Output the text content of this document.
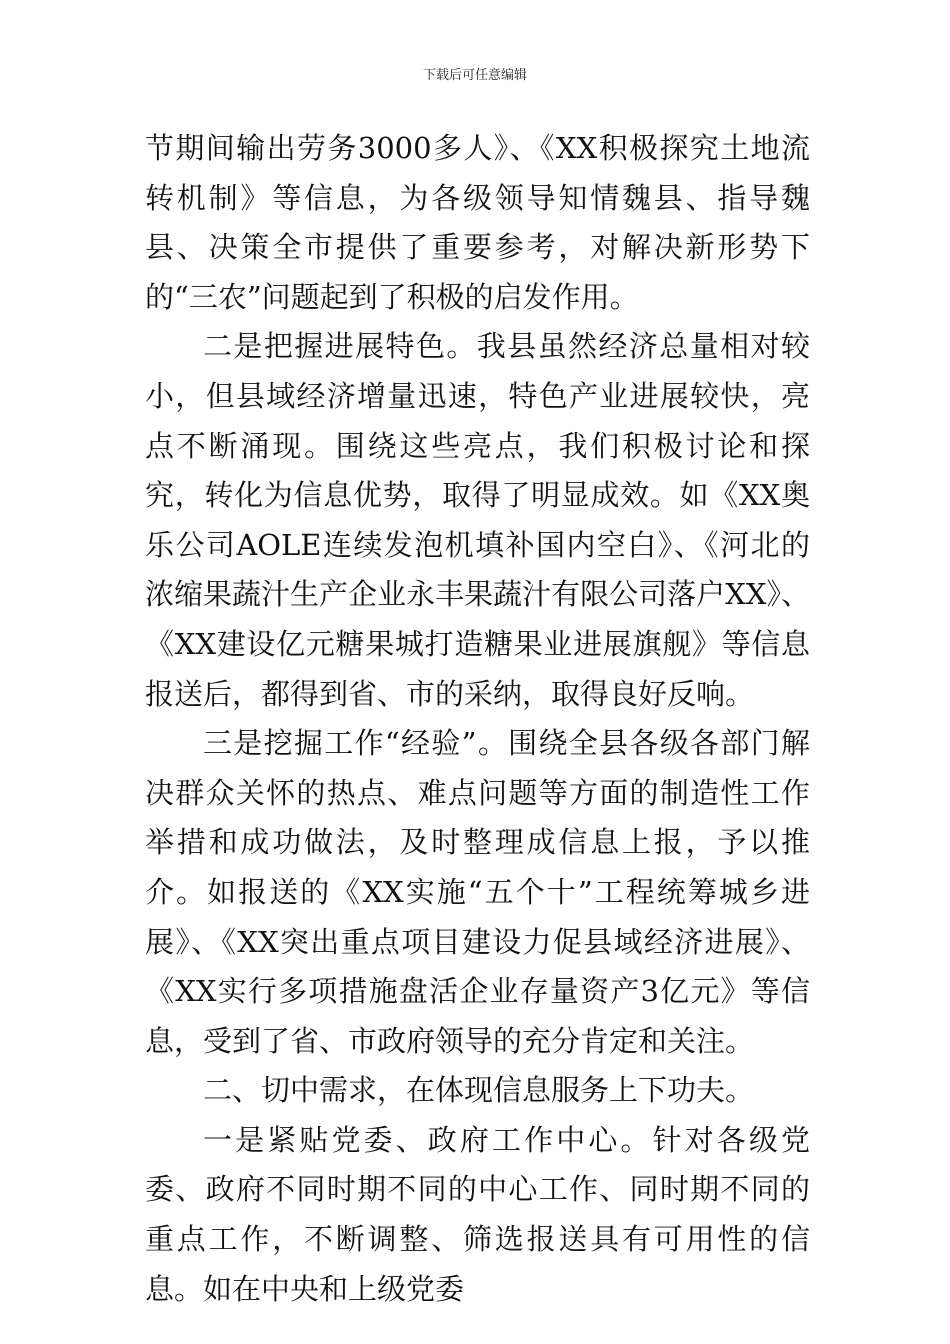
下载后可任意编辑

节期间输出劳务3000多人》、《XX积极探究土地流转机制》等信息，为各级领导知情魏县、指导魏县、决策全市提供了重要参考，对解决新形势下的“三农”问题起到了积极的启发作用。

二是把握进展特色。我县虽然经济总量相对较小，但县域经济增量迅速，特色产业进展较快，亮点不断涌现。围绕这些亮点，我们积极讨论和探究，转化为信息优势，取得了明显成效。如《XX奥乐公司AOLE连续发泡机填补国内空白》、《河北的浓缩果蔬汁生产企业永丰果蔬汁有限公司落户XX》、《XX建设亿元糖果城打造糖果业进展旗舰》等信息报送后，都得到省、市的采纳，取得良好反响。

三是挖掘工作“经验”。围绕全县各级各部门解决群众关怀的热点、难点问题等方面的制造性工作举措和成功做法，及时整理成信息上报，予以推介。如报送的《XX实施“五个十”工程统筹城乡进展》、《XX突出重点项目建设力促县域经济进展》、《XX实行多项措施盘活企业存量资产3亿元》等信息，受到了省、市政府领导的充分肯定和关注。

二、切中需求，在体现信息服务上下功夫。

一是紧贴党委、政府工作中心。针对各级党委、政府不同时期不同的中心工作、同时期不同的重点工作，不断调整、筛选报送具有可用性的信息。如在中央和上级党委
